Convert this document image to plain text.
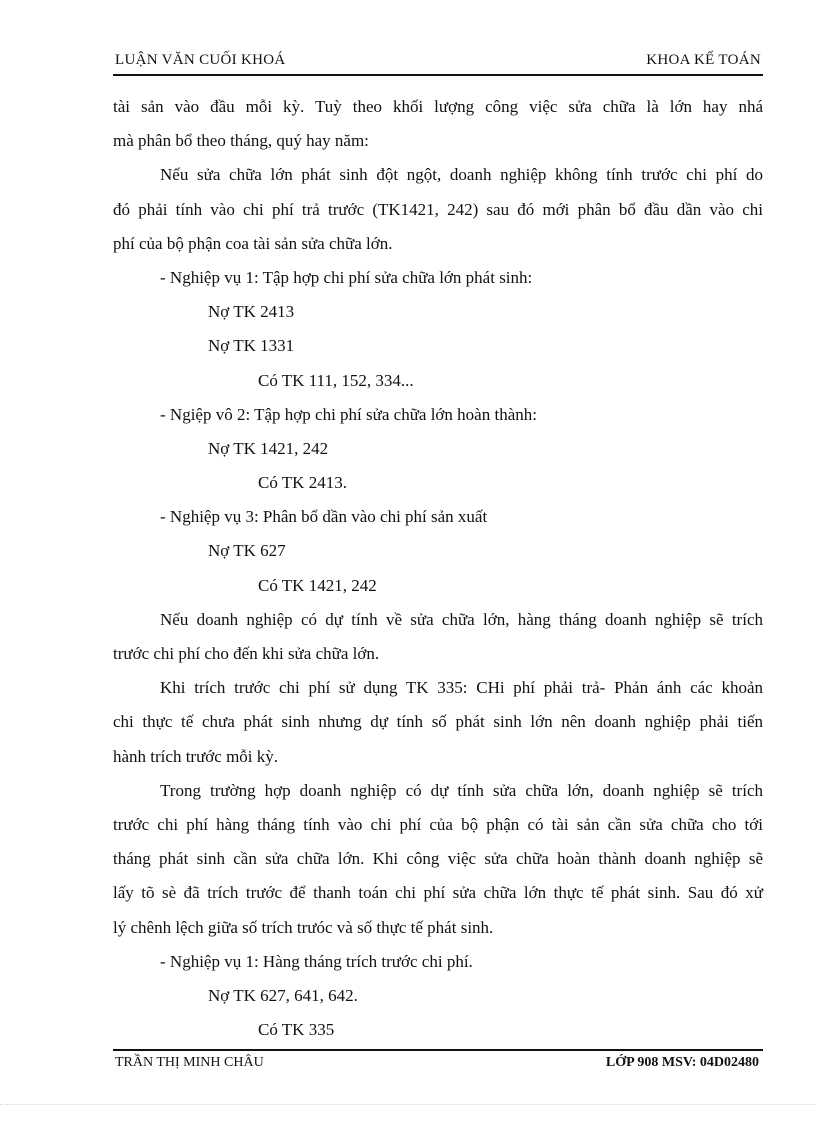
LUẬN VĂN CUỐI KHOÁ	KHOA KẾ TOÁN
tài sản vào đầu mỗi kỳ. Tuỳ theo khối lượng công việc sửa chữa là lớn hay nhá
mà phân bổ theo tháng, quý hay năm:
Nếu sửa chữa lớn phát sinh đột ngột, doanh nghiệp không tính trước chi phí do
đó phải tính vào chi phí trả trước (TK1421, 242) sau đó mới phân bổ đầu dần vào chi
phí của bộ phận coa tài sản sửa chữa lớn.
- Nghiệp vụ 1: Tập hợp chi phí sửa chữa lớn phát sinh:
Nợ TK 2413
Nợ TK 1331
Có TK 111, 152, 334...
- Ngiệp vô 2: Tập hợp chi phí sửa chữa lớn hoàn thành:
Nợ TK 1421, 242
Có TK 2413.
- Nghiệp vụ 3: Phân bổ dần vào chi phí sản xuất
Nợ TK 627
Có TK 1421, 242
Nếu doanh nghiệp có dự tính về sửa chữa lớn, hàng tháng doanh nghiệp sẽ trích
trước chi phí cho đến khi sửa chữa lớn.
Khi trích trước chi phí sử dụng TK 335: CHi phí phải trả- Phản ánh các khoản
chi thực tế chưa phát sinh nhưng dự tính số phát sinh lớn nên doanh nghiệp phải tiến
hành trích trước mỗi kỳ.
Trong trường hợp doanh nghiệp có dự tính sửa chữa lớn, doanh nghiệp sẽ trích
trước chi phí hàng tháng tính vào chi phí của bộ phận có tài sản cần sửa chữa cho tới
tháng phát sinh cần sửa chữa lớn. Khi công việc sửa chữa hoàn thành doanh nghiệp sẽ
lấy tõ sè đã trích trước để thanh toán chi phí sửa chữa lớn thực tế phát sinh. Sau đó xử
lý chênh lệch giữa số trích trưóc và số thực tế phát sinh.
- Nghiệp vụ 1: Hàng tháng trích trước chi phí.
Nợ TK 627, 641, 642.
Có TK 335
TRẦN THỊ MINH CHÂU	LỚP 908 MSV: 04D02480
